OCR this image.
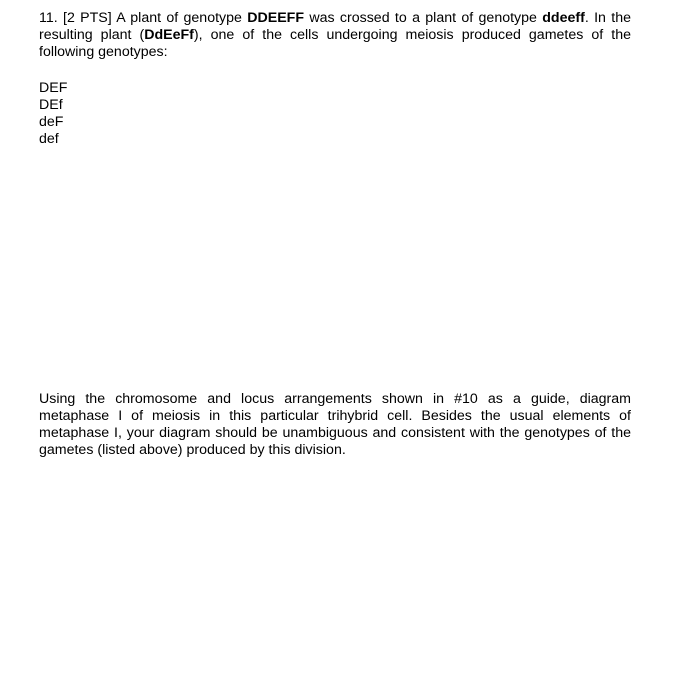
11. [2 PTS] A plant of genotype DDEEFF was crossed to a plant of genotype ddeeff. In the resulting plant (DdEeFf), one of the cells undergoing meiosis produced gametes of the following genotypes:

DEF
DEf
deF
def

Using the chromosome and locus arrangements shown in #10 as a guide, diagram metaphase I of meiosis in this particular trihybrid cell. Besides the usual elements of metaphase I, your diagram should be unambiguous and consistent with the genotypes of the gametes (listed above) produced by this division.
